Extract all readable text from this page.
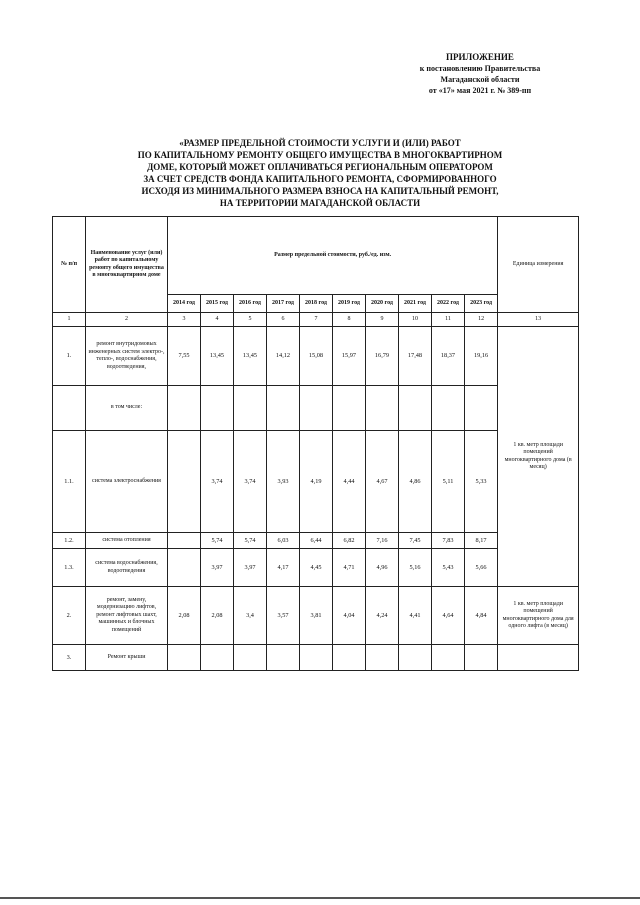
ПРИЛОЖЕНИЕ
к постановлению Правительства
Магаданской области
от «17» мая 2021 г. № 389-пп
«РАЗМЕР ПРЕДЕЛЬНОЙ СТОИМОСТИ УСЛУГИ И (ИЛИ) РАБОТ
ПО КАПИТАЛЬНОМУ РЕМОНТУ ОБЩЕГО ИМУЩЕСТВА В МНОГОКВАРТИРНОМ
ДОМЕ, КОТОРЫЙ МОЖЕТ ОПЛАЧИВАТЬСЯ РЕГИОНАЛЬНЫМ ОПЕРАТОРОМ
ЗА СЧЕТ СРЕДСТВ ФОНДА КАПИТАЛЬНОГО РЕМОНТА, СФОРМИРОВАННОГО
ИСХОДЯ ИЗ МИНИМАЛЬНОГО РАЗМЕРА ВЗНОСА НА КАПИТАЛЬНЫЙ РЕМОНТ,
НА ТЕРРИТОРИИ МАГАДАНСКОЙ ОБЛАСТИ
№ п/п	Наименование услуг (или) работ по капитальному ремонту общего имущества в многоквартирном доме	Размер предельной стоимости, руб./ед. изм.										Единица измерения
		2014 год	2015 год	2016 год	2017 год	2018 год	2019 год	2020 год	2021 год	2022 год	2023 год	
1	2	3	4	5	6	7	8	9	10	11	12	13
1.	ремонт внутридомовых инженерных систем электро-, тепло-, водоснабжения, водоотведения,	7,55	13,45	13,45	14,12	15,08	15,97	16,79	17,48	18,37	19,16	1 кв. метр площади помещений многоквартирного дома (в месяц)
	в том числе:											
1.1.	система электроснабжения		3,74	3,74	3,93	4,19	4,44	4,67	4,86	5,11	5,33	
1.2.	система отопления		5,74	5,74	6,03	6,44	6,82	7,16	7,45	7,83	8,17	
1.3.	система водоснабжения, водоотведения		3,97	3,97	4,17	4,45	4,71	4,96	5,16	5,43	5,66	
2.	ремонт, замену, модернизацию лифтов, ремонт лифтовых шахт, машинных и блочных помещений	2,08	2,08	3,4	3,57	3,81	4,04	4,24	4,41	4,64	4,84	1 кв. метр площади помещений многоквартирного дома для одного лифта (в месяц)
3.	Ремонт крыши											
